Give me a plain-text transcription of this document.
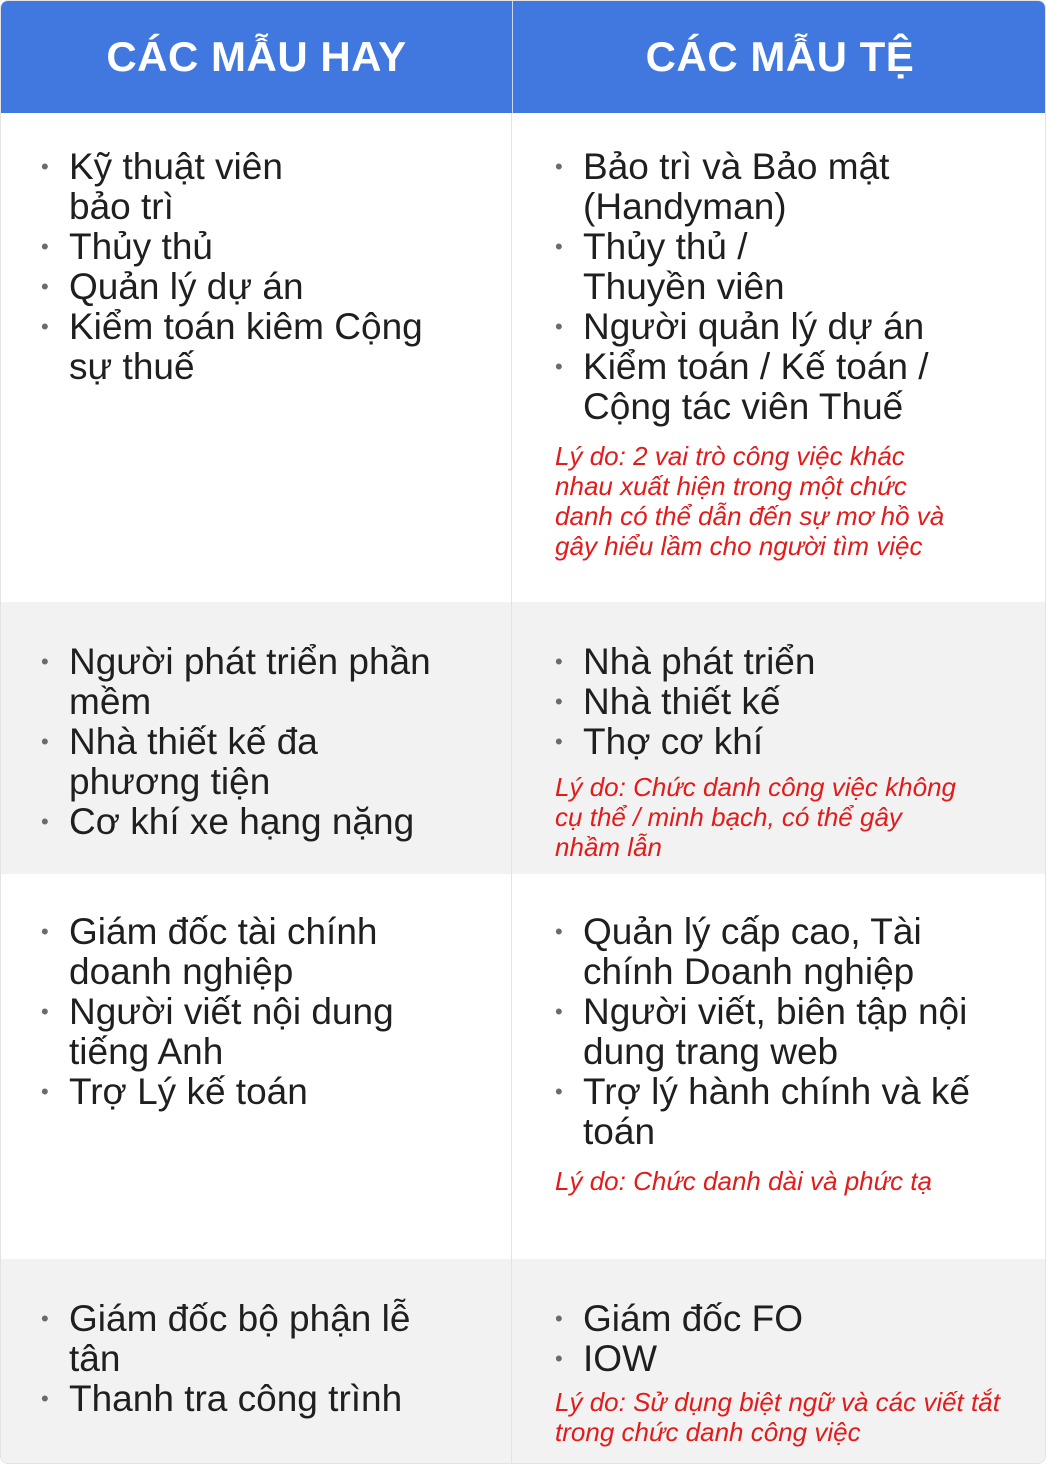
CÁC MẪU HAY	CÁC MẪU TỆ
• Kỹ thuật viên bảo trì
• Thủy thủ
• Quản lý dự án
• Kiểm toán kiêm Cộng sự thuế
• Bảo trì và Bảo mật (Handyman)
• Thủy thủ / Thuyền viên
• Người quản lý dự án
• Kiểm toán / Kế toán / Cộng tác viên Thuế
Lý do: 2 vai trò công việc khác nhau xuất hiện trong một chức danh có thể dẫn đến sự mơ hồ và gây hiểu lầm cho người tìm việc
• Người phát triển phần mềm
• Nhà thiết kế đa phương tiện
• Cơ khí xe hạng nặng
• Nhà phát triển
• Nhà thiết kế
• Thợ cơ khí
Lý do: Chức danh công việc không cụ thể / minh bạch, có thể gây nhầm lẫn
• Giám đốc tài chính doanh nghiệp
• Người viết nội dung tiếng Anh
• Trợ Lý kế toán
• Quản lý cấp cao, Tài chính Doanh nghiệp
• Người viết, biên tập nội dung trang web
• Trợ lý hành chính và kế toán
Lý do: Chức danh dài và phức tạ
• Giám đốc bộ phận lễ tân
• Thanh tra công trình
• Giám đốc FO
• IOW
Lý do: Sử dụng biệt ngữ và các viết tắt trong chức danh công việc
